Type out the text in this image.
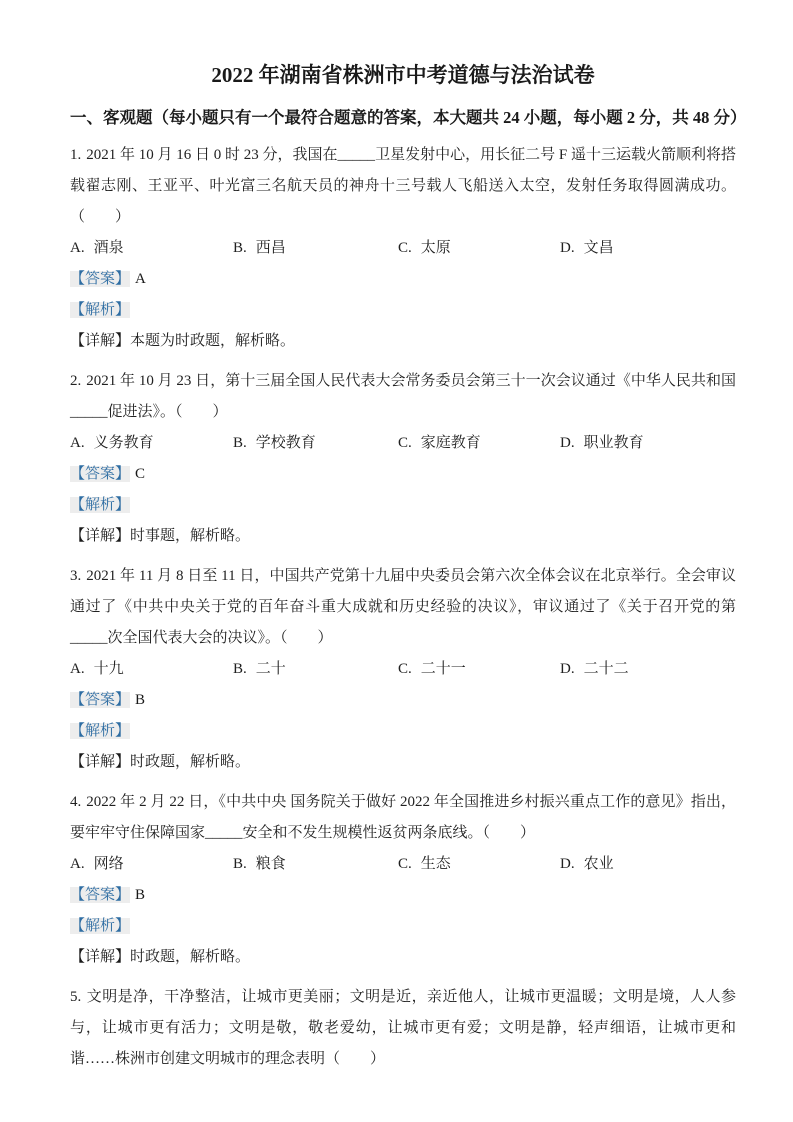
2022 年湖南省株洲市中考道德与法治试卷
一、客观题（每小题只有一个最符合题意的答案，本大题共 24 小题，每小题 2 分，共 48 分）

1. 2021 年 10 月 16 日 0 时 23 分，我国在_____卫星发射中心，用长征二号 F 遥十三运载火箭顺利将搭载翟志刚、王亚平、叶光富三名航天员的神舟十三号载人飞船送入太空，发射任务取得圆满成功。（　　）

A. 酒泉	B. 西昌	C. 太原	D. 文昌

【答案】 A

【解析】

【详解】本题为时政题，解析略。

2. 2021 年 10 月 23 日，第十三届全国人民代表大会常务委员会第三十一次会议通过《中华人民共和国_____促进法》。（　　）

A. 义务教育	B. 学校教育	C. 家庭教育	D. 职业教育

【答案】 C

【解析】

【详解】时事题，解析略。

3. 2021 年 11 月 8 日至 11 日，中国共产党第十九届中央委员会第六次全体会议在北京举行。全会审议通过了《中共中央关于党的百年奋斗重大成就和历史经验的决议》，审议通过了《关于召开党的第_____次全国代表大会的决议》。（　　）

A. 十九	B. 二十	C. 二十一	D. 二十二

【答案】 B

【解析】

【详解】时政题，解析略。

4. 2022 年 2 月 22 日，《中共中央 国务院关于做好 2022 年全国推进乡村振兴重点工作的意见》指出，要牢牢守住保障国家_____安全和不发生规模性返贫两条底线。（　　）

A. 网络	B. 粮食	C. 生态	D. 农业

【答案】 B

【解析】

【详解】时政题，解析略。

5. 文明是净，干净整洁，让城市更美丽；文明是近，亲近他人，让城市更温暖；文明是境，人人参与，让城市更有活力；文明是敬，敬老爱幼，让城市更有爱；文明是静，轻声细语，让城市更和谐……株洲市创建文明城市的理念表明（　　）
